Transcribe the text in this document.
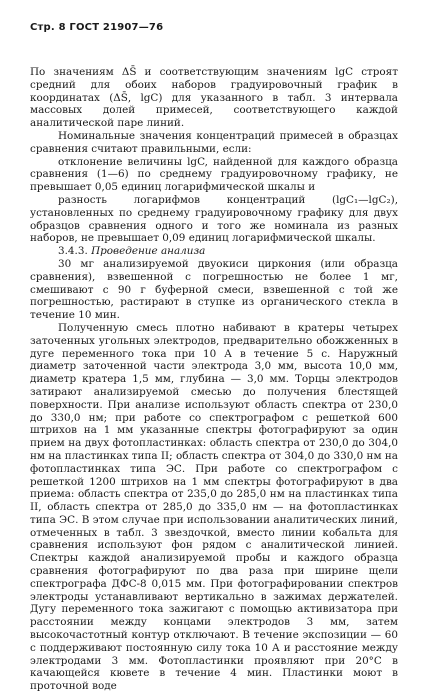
Стр. 8 ГОСТ 21907—76

По значениям ΔS̄ и соответствующим значениям lgC строят средний для обоих наборов градуировочный график в координатах (ΔS̄, lgC) для указанного в табл. 3 интервала массовых долей примесей, соответствующего каждой аналитической паре линий.

Номинальные значения концентраций примесей в образцах сравнения считают правильными, если:

отклонение величины lgC, найденной для каждого образца сравнения (1—6) по среднему градуировочному графику, не превышает 0,05 единиц логарифмической шкалы и

разность логарифмов концентраций (lgC₁—lgC₂), установленных по среднему градуировочному графику для двух образцов сравнения одного и того же номинала из разных наборов, не превышает 0,09 единиц логарифмической шкалы.

3.4.3. Проведение анализа

30 мг анализируемой двуокиси циркония (или образца сравнения), взвешенной с погрешностью не более 1 мг, смешивают с 90 г буферной смеси, взвешенной с той же погрешностью, растирают в ступке из органического стекла в течение 10 мин.

Полученную смесь плотно набивают в кратеры четырех заточенных угольных электродов, предварительно обожженных в дуге переменного тока при 10 А в течение 5 с. Наружный диаметр заточенной части электрода 3,0 мм, высота 10,0 мм, диаметр кратера 1,5 мм, глубина — 3,0 мм. Торцы электродов затирают анализируемой смесью до получения блестящей поверхности. При анализе используют область спектра от 230,0 до 330,0 нм; при работе со спектрографом с решеткой 600 штрихов на 1 мм указанные спектры фотографируют за один прием на двух фотопластинках: область спектра от 230,0 до 304,0 нм на пластинках типа II; область спектра от 304,0 до 330,0 нм на фотопластинках типа ЭС. При работе со спектрографом с решеткой 1200 штрихов на 1 мм спектры фотографируют в два приема: область спектра от 235,0 до 285,0 нм на пластинках типа II, область спектра от 285,0 до 335,0 нм — на фотопластинках типа ЭС. В этом случае при использовании аналитических линий, отмеченных в табл. 3 звездочкой, вместо линии кобальта для сравнения используют фон рядом с аналитической линией. Спектры каждой анализируемой пробы и каждого образца сравнения фотографируют по два раза при ширине щели спектрографа ДФС-8 0,015 мм. При фотографировании спектров электроды устанавливают вертикально в зажимах держателей. Дугу переменного тока зажигают с помощью активизатора при расстоянии между концами электродов 3 мм, затем высокочастотный контур отключают. В течение экспозиции — 60 с поддерживают постоянную силу тока 10 А и расстояние между электродами 3 мм. Фотопластинки проявляют при 20°С в качающейся кювете в течение 4 мин. Пластинки моют в проточной воде
